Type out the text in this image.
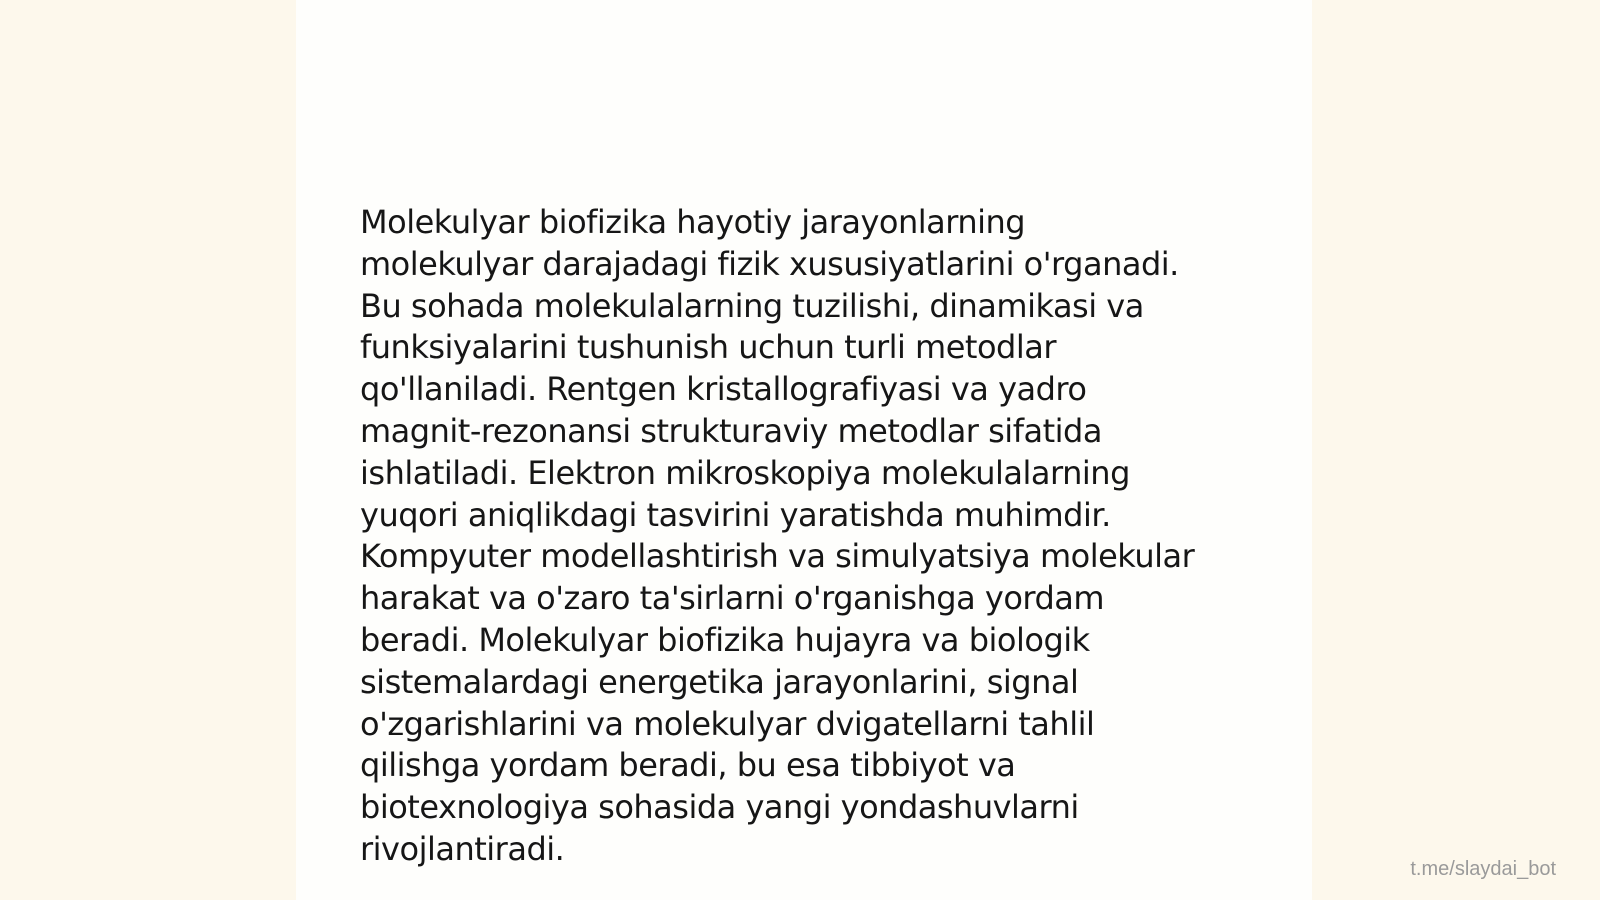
Molekulyar biofizika hayotiy jarayonlarning
molekulyar darajadagi fizik xususiyatlarini o'rganadi.
Bu sohada molekulalarning tuzilishi, dinamikasi va
funksiyalarini tushunish uchun turli metodlar
qo'llaniladi. Rentgen kristallografiyasi va yadro
magnit-rezonansi strukturaviy metodlar sifatida
ishlatiladi. Elektron mikroskopiya molekulalarning
yuqori aniqlikdagi tasvirini yaratishda muhimdir.
Kompyuter modellashtirish va simulyatsiya molekular
harakat va o'zaro ta'sirlarni o'rganishga yordam
beradi. Molekulyar biofizika hujayra va biologik
sistemalardagi energetika jarayonlarini, signal
o'zgarishlarini va molekulyar dvigatellarni tahlil
qilishga yordam beradi, bu esa tibbiyot va
biotexnologiya sohasida yangi yondashuvlarni
rivojlantiradi.

t.me/slaydai_bot
